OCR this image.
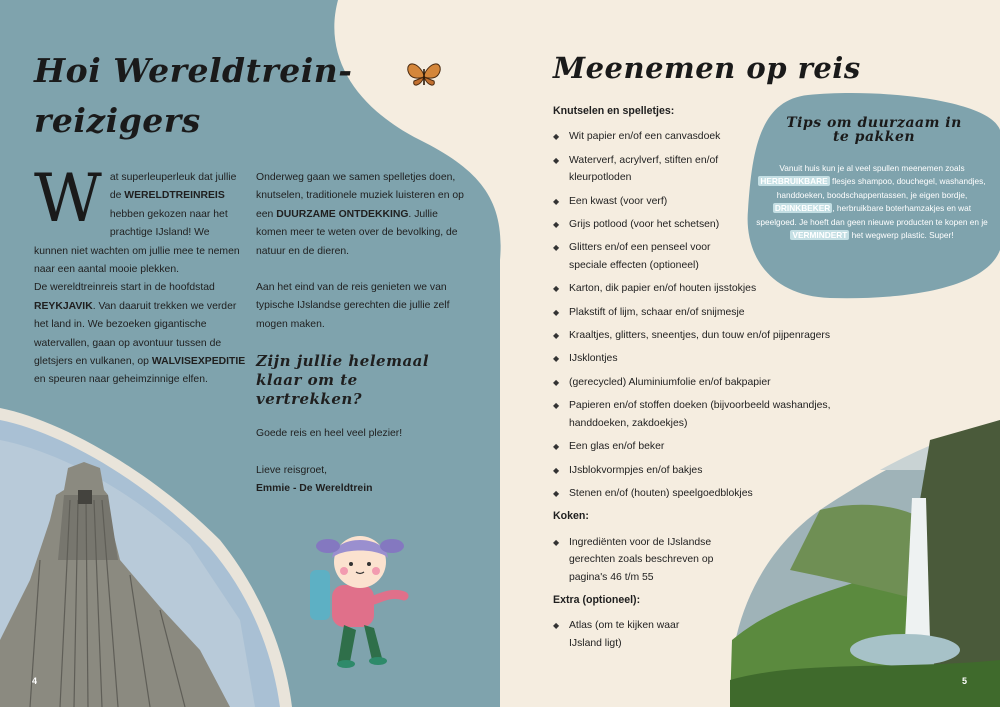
Hoi Wereldtrein-reizigers
Wat superleuperleuk dat jullie de WERELDTREINREIS hebben gekozen naar het prachtige IJsland! We kunnen niet wachten om jullie mee te nemen naar een aantal mooie plekken.
De wereldtreinreis start in de hoofdstad REYKJAVIK. Van daaruit trekken we verder het land in. We bezoeken gigantische watervallen, gaan op avontuur tussen de gletsjers en vulkanen, op WALVISEXPEDITIE en speuren naar geheimzinnige elfen.
Onderweg gaan we samen spelletjes doen, knutselen, traditionele muziek luisteren en op een DUURZAME ONTDEKKING. Jullie komen meer te weten over de bevolking, de natuur en de dieren.
Aan het eind van de reis genieten we van typische IJslandse gerechten die jullie zelf mogen maken.
Zijn jullie helemaal klaar om te vertrekken?
Goede reis en heel veel plezier!
Lieve reisgroet,
Emmie - De Wereldtrein
4
Meenemen op reis
Knutselen en spelletjes:
◆ Wit papier en/of een canvasdoek
◆ Waterverf, acrylverf, stiften en/of kleurpotloden
◆ Een kwast (voor verf)
◆ Grijs potlood (voor het schetsen)
◆ Glitters en/of een penseel voor speciale effecten (optioneel)
◆ Karton, dik papier en/of houten ijsstokjes
◆ Plakstift of lijm, schaar en/of snijmesje
◆ Kraaltjes, glitters, sneentjes, dun touw en/of pijpenragers
◆ IJsklontjes
◆ (gerecycled) Aluminiumfolie en/of bakpapier
◆ Papieren en/of stoffen doeken (bijvoorbeeld washandjes, handdoeken, zakdoekjes)
◆ Een glas en/of beker
◆ IJsblokvormpjes en/of bakjes
◆ Stenen en/of (houten) speelgoedblokjes
Koken:
◆ Ingrediënten voor de IJslandse gerechten zoals beschreven op pagina's 46 t/m 55
Extra (optioneel):
◆ Atlas (om te kijken waar IJsland ligt)
Tips om duurzaam in te pakken
Vanuit huis kun je al veel spullen meenemen zoals HERBRUIKBARE flesjes shampoo, douchegel, washandjes, handdoeken, boodschappentassen, je eigen bordje, DRINKBEKER , herbruikbare boterhamzakjes en wat speelgoed. Je hoeft dan geen nieuwe producten te kopen en je VERMINDERT het wegwerp plastic. Super!
5
